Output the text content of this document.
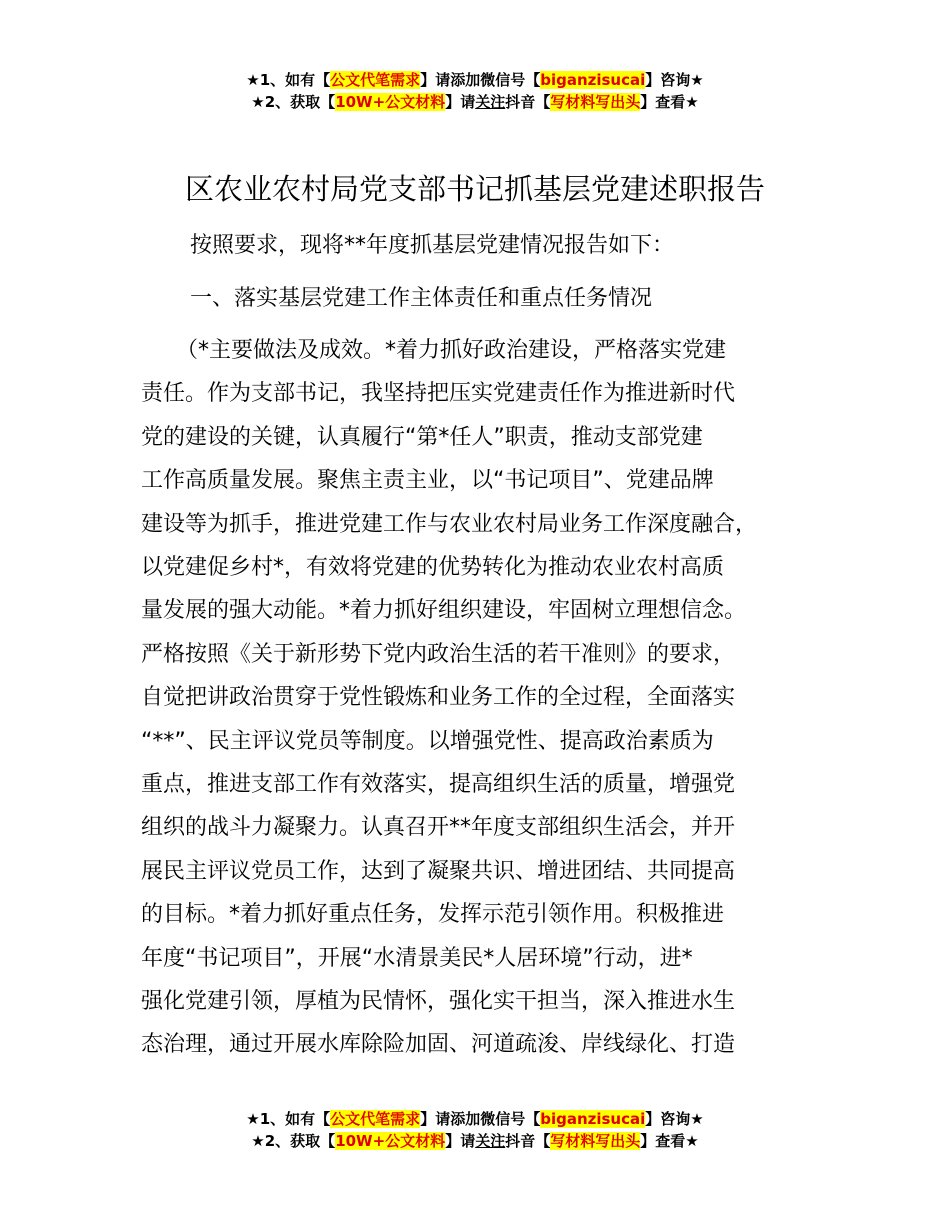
★1、如有【公文代笔需求】请添加微信号【biganzisucai】咨询★
★2、获取【10W+公文材料】请关注抖音【写材料写出头】查看★
区农业农村局党支部书记抓基层党建述职报告
按照要求，现将**年度抓基层党建情况报告如下：
一、落实基层党建工作主体责任和重点任务情况
（*主要做法及成效。*着力抓好政治建设，严格落实党建
责任。作为支部书记，我坚持把压实党建责任作为推进新时代
党的建设的关键，认真履行“第*任人”职责，推动支部党建
工作高质量发展。聚焦主责主业，以“书记项目”、党建品牌
建设等为抓手，推进党建工作与农业农村局业务工作深度融合，
以党建促乡村*，有效将党建的优势转化为推动农业农村高质
量发展的强大动能。*着力抓好组织建设，牢固树立理想信念。
严格按照《关于新形势下党内政治生活的若干准则》的要求，
自觉把讲政治贯穿于党性锻炼和业务工作的全过程，全面落实
“**”、民主评议党员等制度。以增强党性、提高政治素质为
重点，推进支部工作有效落实，提高组织生活的质量，增强党
组织的战斗力凝聚力。认真召开**年度支部组织生活会，并开
展民主评议党员工作，达到了凝聚共识、增进团结、共同提高
的目标。*着力抓好重点任务，发挥示范引领作用。积极推进
年度“书记项目”，开展“水清景美民*人居环境”行动，进*
强化党建引领，厚植为民情怀，强化实干担当，深入推进水生
态治理，通过开展水库除险加固、河道疏浚、岸线绿化、打造
★1、如有【公文代笔需求】请添加微信号【biganzisucai】咨询★
★2、获取【10W+公文材料】请关注抖音【写材料写出头】查看★
